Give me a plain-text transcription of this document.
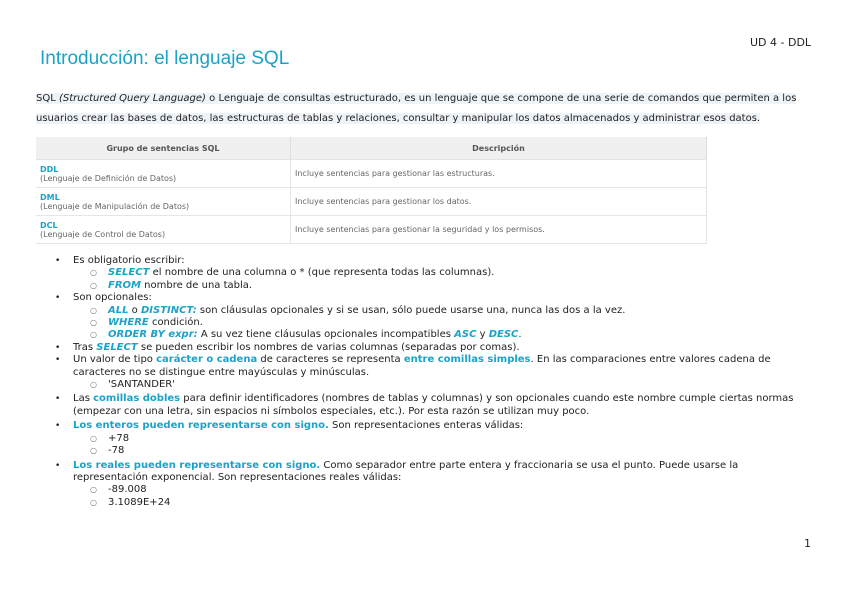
UD 4 - DDL
Introducción: el lenguaje SQL
SQL (Structured Query Language) o Lenguaje de consultas estructurado, es un lenguaje que se compone de una serie de comandos que permiten a los
usuarios crear las bases de datos, las estructuras de tablas y relaciones, consultar y manipular los datos almacenados y administrar esos datos.
Grupo de sentencias SQL	Descripción

DDL
(Lenguaje de Definición de Datos)	Incluye sentencias para gestionar las estructuras.

DML
(Lenguaje de Manipulación de Datos)	Incluye sentencias para gestionar los datos.

DCL
(Lenguaje de Control de Datos)	Incluye sentencias para gestionar la seguridad y los permisos.
• Es obligatorio escribir:
○ SELECT el nombre de una columna o * (que representa todas las columnas).
○ FROM nombre de una tabla.
• Son opcionales:
○ ALL o DISTINCT: son cláusulas opcionales y si se usan, sólo puede usarse una, nunca las dos a la vez.
○ WHERE condición.
○ ORDER BY expr: A su vez tiene cláusulas opcionales incompatibles ASC y DESC.
• Tras SELECT se pueden escribir los nombres de varias columnas (separadas por comas).
• Un valor de tipo carácter o cadena de caracteres se representa entre comillas simples. En las comparaciones entre valores cadena de caracteres no se distingue entre mayúsculas y minúsculas.
○ 'SANTANDER'
• Las comillas dobles para definir identificadores (nombres de tablas y columnas) y son opcionales cuando este nombre cumple ciertas normas (empezar con una letra, sin espacios ni símbolos especiales, etc.). Por esta razón se utilizan muy poco.
• Los enteros pueden representarse con signo. Son representaciones enteras válidas:
○ +78
○ -78
• Los reales pueden representarse con signo. Como separador entre parte entera y fraccionaria se usa el punto. Puede usarse la representación exponencial. Son representaciones reales válidas:
○ -89.008
○ 3.1089E+24
1
